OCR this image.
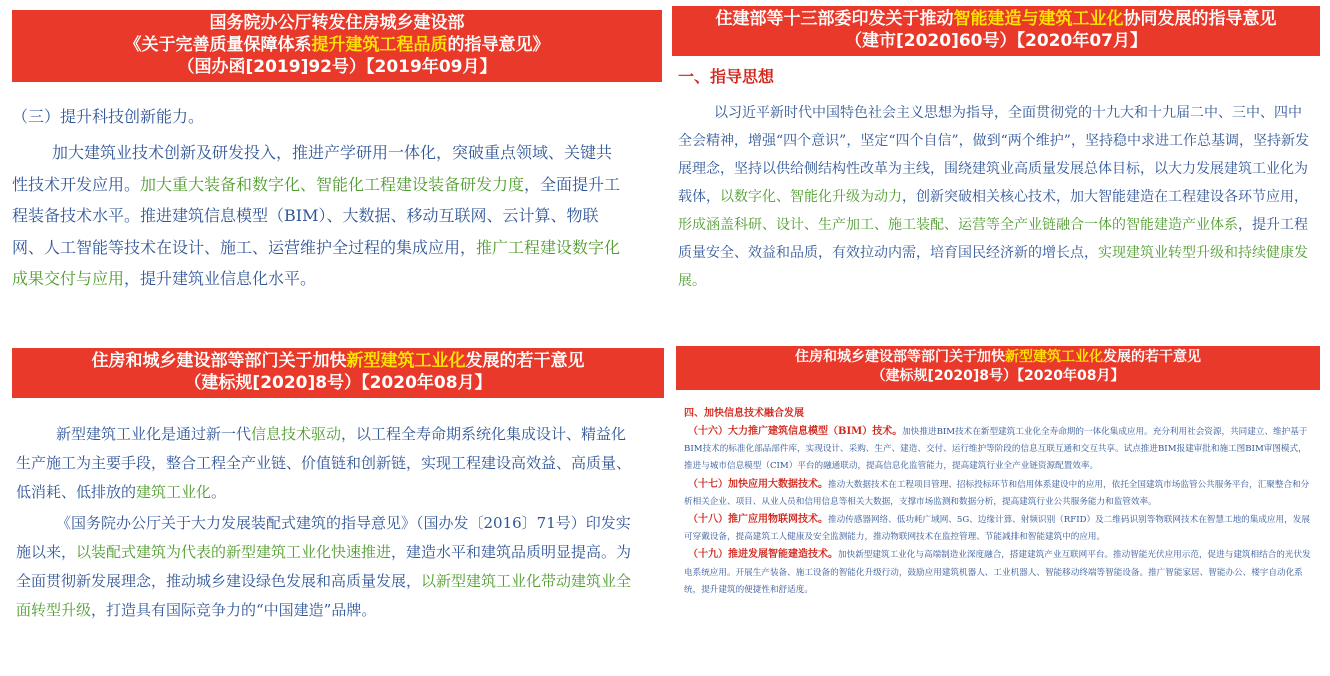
国务院办公厅转发住房城乡建设部
《关于完善质量保障体系提升建筑工程品质的指导意见》
（国办函[2019]92号）【2019年09月】

（三）提升科技创新能力。

加大建筑业技术创新及研发投入，推进产学研用一体化，突破重点领域、关键共性技术开发应用。加大重大装备和数字化、智能化工程建设装备研发力度，全面提升工程装备技术水平。推进建筑信息模型（BIM）、大数据、移动互联网、云计算、物联网、人工智能等技术在设计、施工、运营维护全过程的集成应用，推广工程建设数字化成果交付与应用，提升建筑业信息化水平。

住建部等十三部委印发关于推动智能建造与建筑工业化协同发展的指导意见
（建市[2020]60号）【2020年07月】

一、指导思想

以习近平新时代中国特色社会主义思想为指导，全面贯彻党的十九大和十九届二中、三中、四中全会精神，增强“四个意识”，坚定“四个自信”，做到“两个维护”，坚持稳中求进工作总基调，坚持新发展理念，坚持以供给侧结构性改革为主线，围绕建筑业高质量发展总体目标，以大力发展建筑工业化为载体，以数字化、智能化升级为动力，创新突破相关核心技术，加大智能建造在工程建设各环节应用，形成涵盖科研、设计、生产加工、施工装配、运营等全产业链融合一体的智能建造产业体系，提升工程质量安全、效益和品质，有效拉动内需，培育国民经济新的增长点，实现建筑业转型升级和持续健康发展。

住房和城乡建设部等部门关于加快新型建筑工业化发展的若干意见
（建标规[2020]8号）【2020年08月】

新型建筑工业化是通过新一代信息技术驱动，以工程全寿命期系统化集成设计、精益化生产施工为主要手段，整合工程全产业链、价值链和创新链，实现工程建设高效益、高质量、低消耗、低排放的建筑工业化。

《国务院办公厅关于大力发展装配式建筑的指导意见》（国办发〔2016〕71号）印发实施以来，以装配式建筑为代表的新型建筑工业化快速推进，建造水平和建筑品质明显提高。为全面贯彻新发展理念，推动城乡建设绿色发展和高质量发展，以新型建筑工业化带动建筑业全面转型升级，打造具有国际竞争力的“中国建造”品牌。

住房和城乡建设部等部门关于加快新型建筑工业化发展的若干意见
（建标规[2020]8号）【2020年08月】

四、加快信息技术融合发展

（十六）大力推广建筑信息模型（BIM）技术。加快推进BIM技术在新型建筑工业化全寿命期的一体化集成应用。充分利用社会资源，共同建立、维护基于BIM技术的标准化部品部件库，实现设计、采购、生产、建造、交付、运行维护等阶段的信息互联互通和交互共享。试点推进BIM报建审批和施工图BIM审图模式，推进与城市信息模型（CIM）平台的融通联动，提高信息化监管能力，提高建筑行业全产业链资源配置效率。

（十七）加快应用大数据技术。推动大数据技术在工程项目管理、招标投标环节和信用体系建设中的应用，依托全国建筑市场监管公共服务平台，汇聚整合和分析相关企业、项目、从业人员和信用信息等相关大数据，支撑市场监测和数据分析，提高建筑行业公共服务能力和监管效率。

（十八）推广应用物联网技术。推动传感器网络、低功耗广域网、5G、边缘计算、射频识别（RFID）及二维码识别等物联网技术在智慧工地的集成应用，发展可穿戴设备，提高建筑工人健康及安全监测能力，推动物联网技术在监控管理、节能减排和智能建筑中的应用。

（十九）推进发展智能建造技术。加快新型建筑工业化与高端制造业深度融合，搭建建筑产业互联网平台。推动智能光伏应用示范，促进与建筑相结合的光伏发电系统应用。开展生产装备、施工设备的智能化升级行动，鼓励应用建筑机器人、工业机器人、智能移动终端等智能设备。推广智能家居、智能办公、楼宇自动化系统，提升建筑的便捷性和舒适度。
